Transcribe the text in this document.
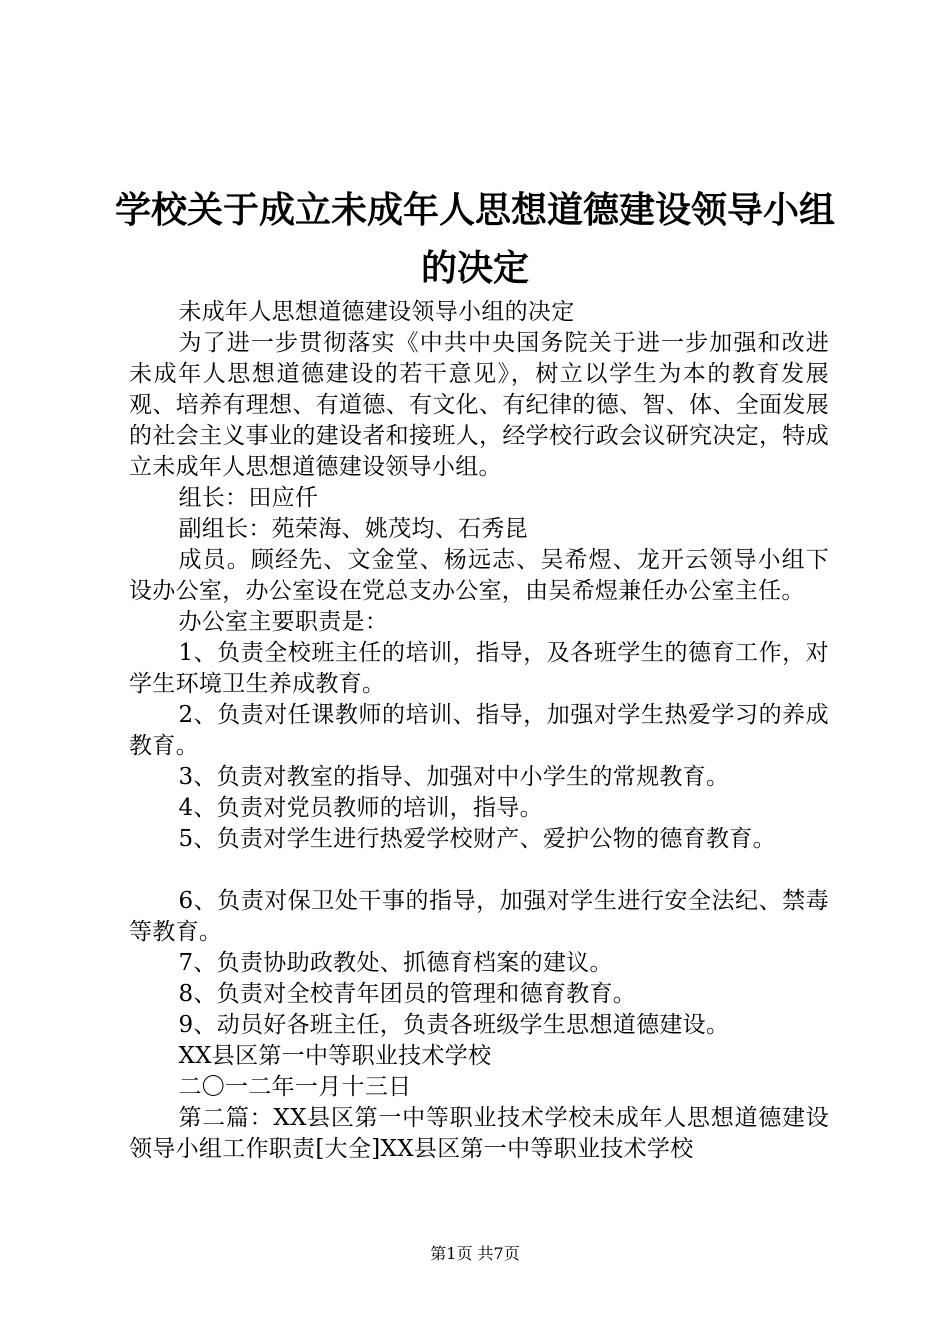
学校关于成立未成年人思想道德建设领导小组
的决定

未成年人思想道德建设领导小组的决定

为了进一步贯彻落实《中共中央国务院关于进一步加强和改进未成年人思想道德建设的若干意见》，树立以学生为本的教育发展观、培养有理想、有道德、有文化、有纪律的德、智、体、全面发展的社会主义事业的建设者和接班人，经学校行政会议研究决定，特成立未成年人思想道德建设领导小组。

组长：田应仟

副组长：苑荣海、姚茂均、石秀昆

成员。顾经先、文金堂、杨远志、吴希煜、龙开云领导小组下设办公室，办公室设在党总支办公室，由吴希煜兼任办公室主任。

办公室主要职责是：

1、负责全校班主任的培训，指导，及各班学生的德育工作，对学生环境卫生养成教育。

2、负责对任课教师的培训、指导，加强对学生热爱学习的养成教育。

3、负责对教室的指导、加强对中小学生的常规教育。

4、负责对党员教师的培训，指导。

5、负责对学生进行热爱学校财产、爱护公物的德育教育。

6、负责对保卫处干事的指导，加强对学生进行安全法纪、禁毒等教育。

7、负责协助政教处、抓德育档案的建议。

8、负责对全校青年团员的管理和德育教育。

9、动员好各班主任，负责各班级学生思想道德建设。

XX县区第一中等职业技术学校

二〇一二年一月十三日

第二篇：XX县区第一中等职业技术学校未成年人思想道德建设领导小组工作职责[大全]XX县区第一中等职业技术学校

第1页 共7页
